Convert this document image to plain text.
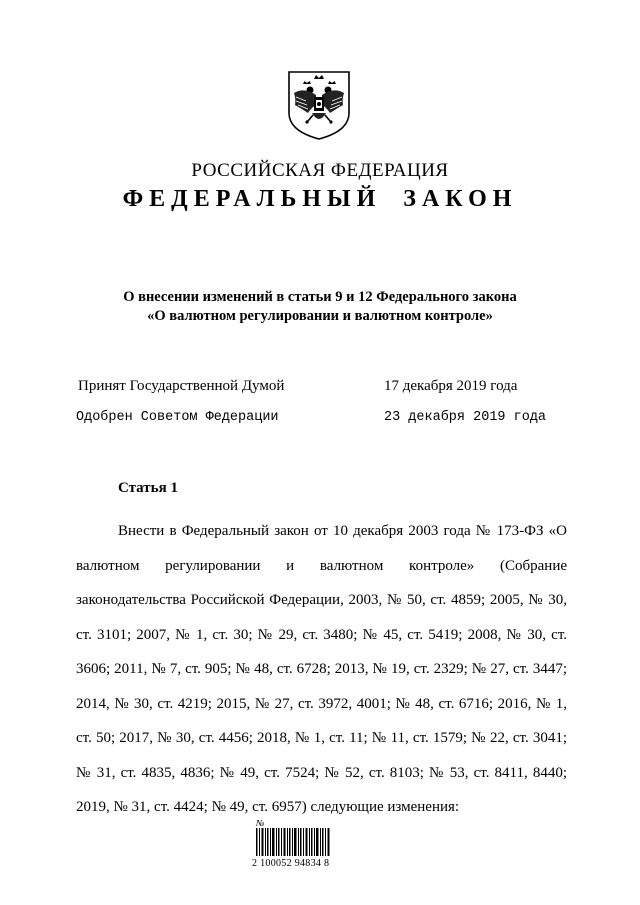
РОССИЙСКАЯ ФЕДЕРАЦИЯ
ФЕДЕРАЛЬНЫЙ ЗАКОН
О внесении изменений в статьи 9 и 12 Федерального закона
«О валютном регулировании и валютном контроле»
Принят Государственной Думой	17 декабря 2019 года
Одобрен Советом Федерации	23 декабря 2019 года
Статья 1
Внести в Федеральный закон от 10 декабря 2003 года № 173-ФЗ «О валютном регулировании и валютном контроле» (Собрание законодательства Российской Федерации, 2003, № 50, ст. 4859; 2005, № 30, ст. 3101; 2007, № 1, ст. 30; № 29, ст. 3480; № 45, ст. 5419; 2008, № 30, ст. 3606; 2011, № 7, ст. 905; № 48, ст. 6728; 2013, № 19, ст. 2329; № 27, ст. 3447; 2014, № 30, ст. 4219; 2015, № 27, ст. 3972, 4001; № 48, ст. 6716; 2016, № 1, ст. 50; 2017, № 30, ст. 4456; 2018, № 1, ст. 11; № 11, ст. 1579; № 22, ст. 3041; № 31, ст. 4835, 4836; № 49, ст. 7524; № 52, ст. 8103; № 53, ст. 8411, 8440; 2019, № 31, ст. 4424; № 49, ст. 6957) следующие изменения:
№
2 100052 94834 8
